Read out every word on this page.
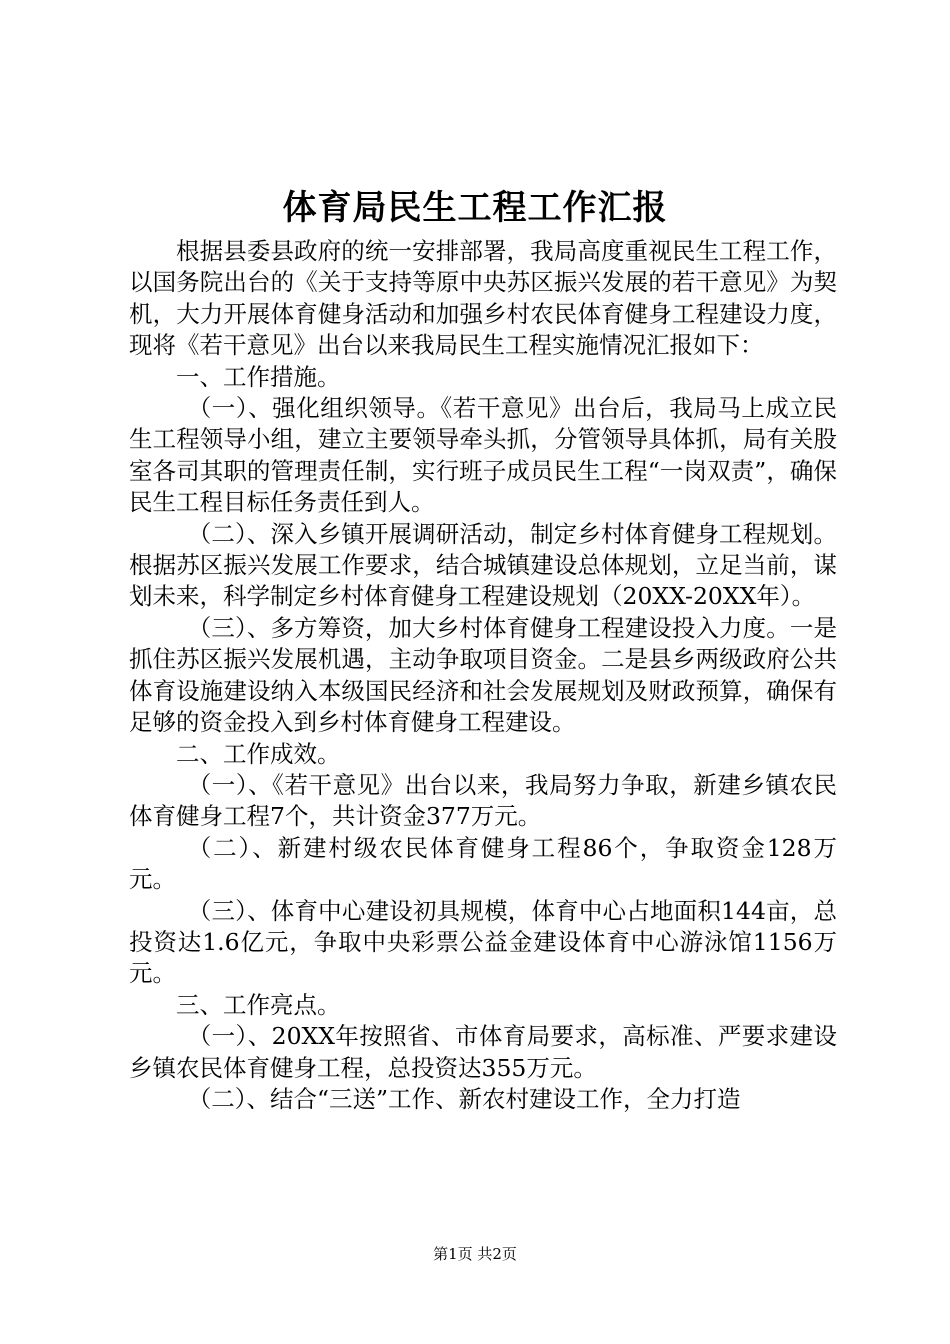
体育局民生工程工作汇报

根据县委县政府的统一安排部署，我局高度重视民生工程工作，以国务院出台的《关于支持等原中央苏区振兴发展的若干意见》为契机，大力开展体育健身活动和加强乡村农民体育健身工程建设力度，现将《若干意见》出台以来我局民生工程实施情况汇报如下：

一、工作措施。

（一）、强化组织领导。《若干意见》出台后，我局马上成立民生工程领导小组，建立主要领导牵头抓，分管领导具体抓，局有关股室各司其职的管理责任制，实行班子成员民生工程“一岗双责”，确保民生工程目标任务责任到人。

（二）、深入乡镇开展调研活动，制定乡村体育健身工程规划。根据苏区振兴发展工作要求，结合城镇建设总体规划，立足当前，谋划未来，科学制定乡村体育健身工程建设规划（20XX-20XX年）。

（三）、多方筹资，加大乡村体育健身工程建设投入力度。一是抓住苏区振兴发展机遇，主动争取项目资金。二是县乡两级政府公共体育设施建设纳入本级国民经济和社会发展规划及财政预算，确保有足够的资金投入到乡村体育健身工程建设。

二、工作成效。

（一）、《若干意见》出台以来，我局努力争取，新建乡镇农民体育健身工程7个，共计资金377万元。

（二）、新建村级农民体育健身工程86个，争取资金128万元。

（三）、体育中心建设初具规模，体育中心占地面积144亩，总投资达1.6亿元，争取中央彩票公益金建设体育中心游泳馆1156万元。

三、工作亮点。

（一）、20XX年按照省、市体育局要求，高标准、严要求建设乡镇农民体育健身工程，总投资达355万元。

（二）、结合“三送”工作、新农村建设工作，全力打造

第1页 共2页
